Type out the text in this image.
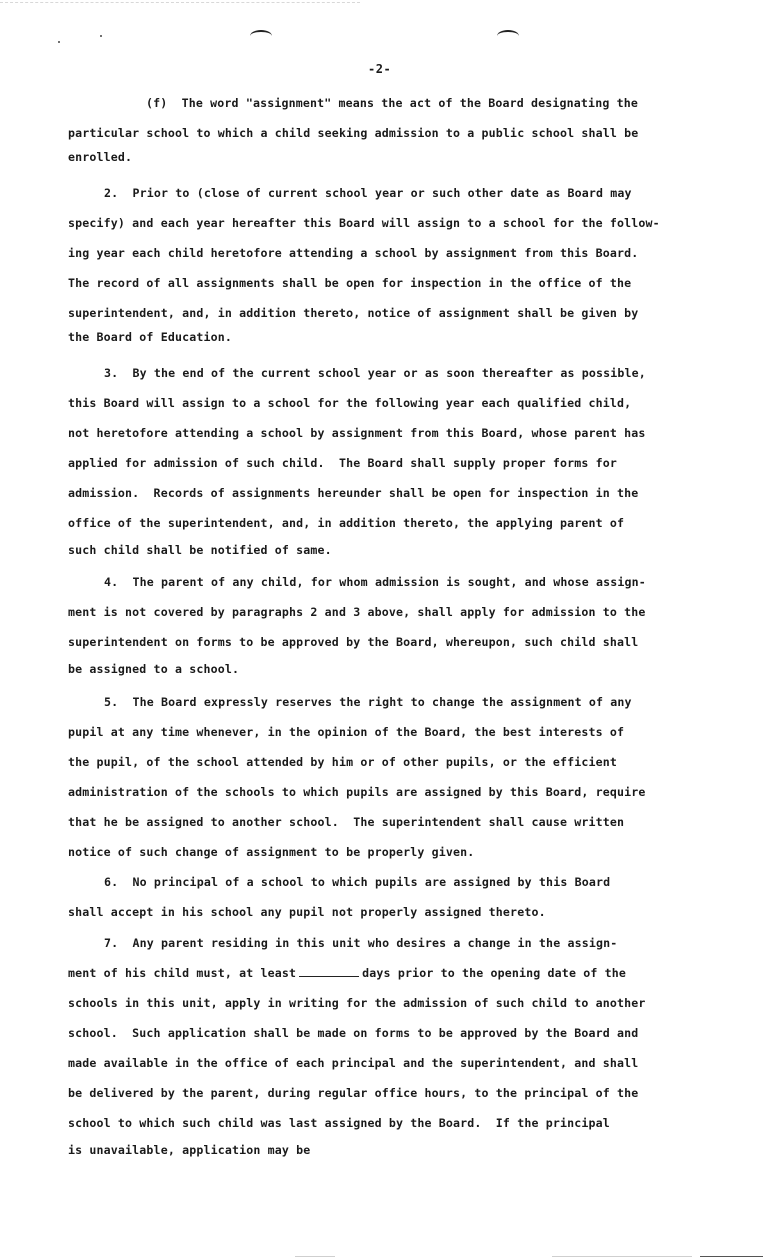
-2-
(f)  The word "assignment" means the act of the Board designating the
particular school to which a child seeking admission to a public school shall be
enrolled.
2.  Prior to (close of current school year or such other date as Board may
specify) and each year hereafter this Board will assign to a school for the follow-
ing year each child heretofore attending a school by assignment from this Board.
The record of all assignments shall be open for inspection in the office of the
superintendent, and, in addition thereto, notice of assignment shall be given by
the Board of Education.
3.  By the end of the current school year or as soon thereafter as possible,
this Board will assign to a school for the following year each qualified child,
not heretofore attending a school by assignment from this Board, whose parent has
applied for admission of such child.  The Board shall supply proper forms for
admission.  Records of assignments hereunder shall be open for inspection in the
office of the superintendent, and, in addition thereto, the applying parent of
such child shall be notified of same.
4.  The parent of any child, for whom admission is sought, and whose assign-
ment is not covered by paragraphs 2 and 3 above, shall apply for admission to the
superintendent on forms to be approved by the Board, whereupon, such child shall
be assigned to a school.
5.  The Board expressly reserves the right to change the assignment of any
pupil at any time whenever, in the opinion of the Board, the best interests of
the pupil, of the school attended by him or of other pupils, or the efficient
administration of the schools to which pupils are assigned by this Board, require
that he be assigned to another school.  The superintendent shall cause written
notice of such change of assignment to be properly given.
6.  No principal of a school to which pupils are assigned by this Board
shall accept in his school any pupil not properly assigned thereto.
7.  Any parent residing in this unit who desires a change in the assign-
ment of his child must, at least	days prior to the opening date of the
schools in this unit, apply in writing for the admission of such child to another
school.  Such application shall be made on forms to be approved by the Board and
made available in the office of each principal and the superintendent, and shall
be delivered by the parent, during regular office hours, to the principal of the
school to which such child was last assigned by the Board.  If the principal
is unavailable, application may be
